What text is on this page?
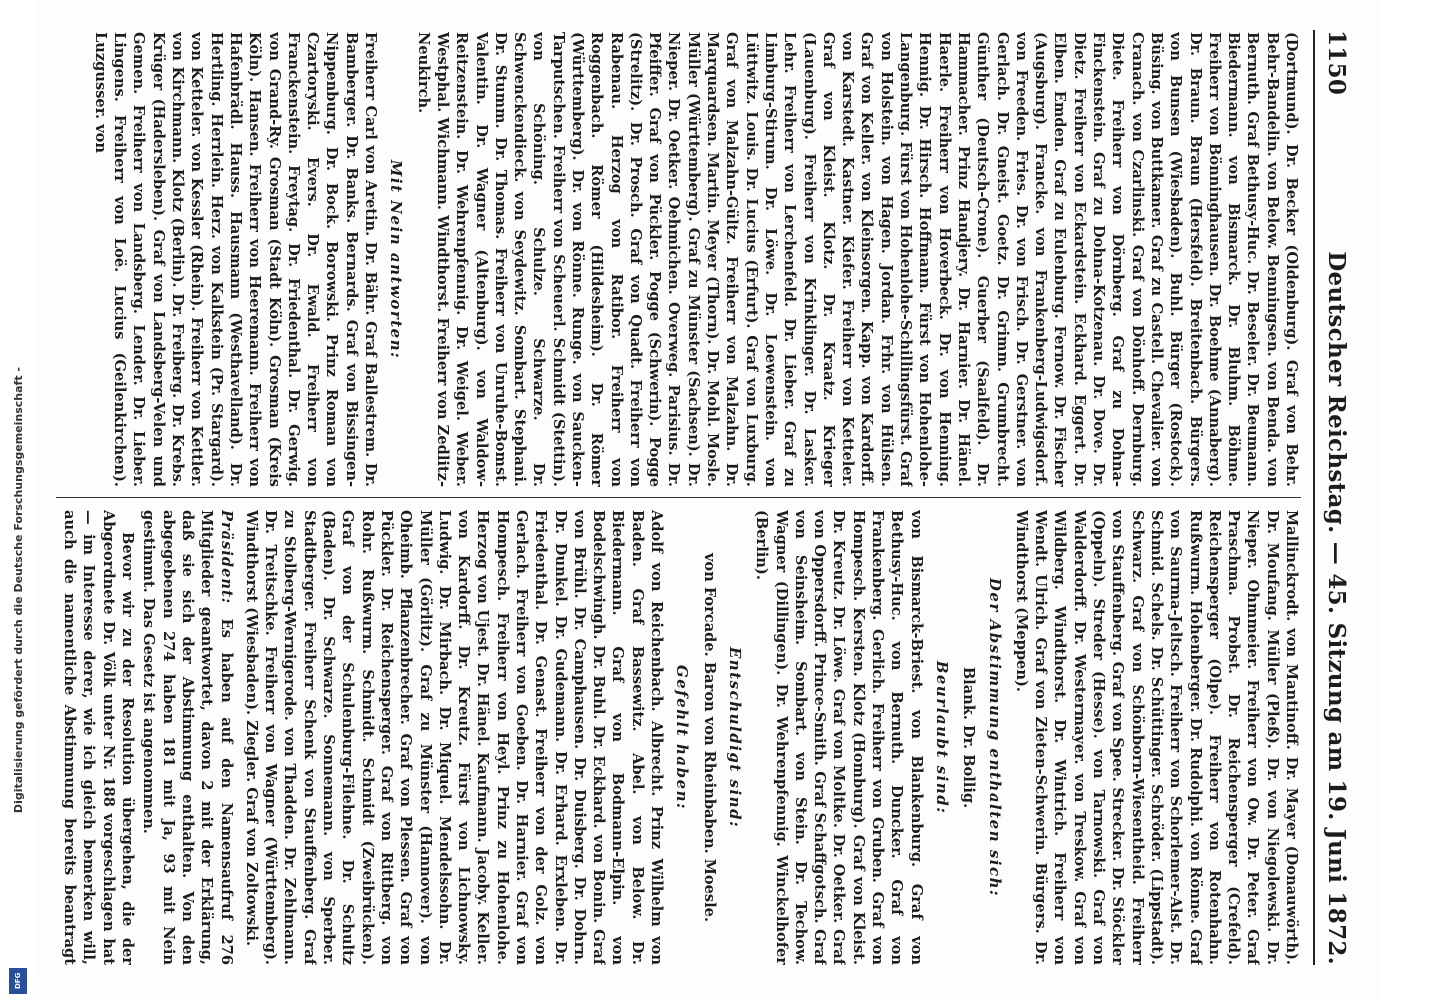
1150
Deutscher Reichstag. — 45. Sitzung am 19. Juni 1872.

(Dortmund). Dr. Becker (Oldenburg). Graf von Behr. Behr-Bandelin. von Below. Benningsen. von Benda. von Bernuth. Graf Bethusy-Huc. Dr. Beseler. Dr. Beumann. Biedermann. von Bismarck. Dr. Bluhm. Böhme. Freiherr von Bönninghausen. Dr. Boehme (Annaberg). Dr. Braun. Braun (Hersfeld). Breitenbach. Bürgers. von Bunsen (Wiesbaden). Buhl. Bürger (Rostock). Büsing. von Buttkamer. Graf zu Castell. Chevalier. von Cranach. von Czarlinski. Graf von Dönhoff. Dernburg. Diete. Freiherr von Dörnberg. Graf zu Dohna-Finckenstein. Graf zu Dohna-Kotzenau. Dr. Dove. Dr. Dietz. Freiherr von Eckardstein. Eckhard. Eggert. Dr. Elben. Emden. Graf zu Eulenburg. Fernow. Dr. Fischer (Augsburg). Francke. von Frankenberg-Ludwigsdorf. von Freeden. Fries. Dr. von Frisch. Dr. Gerstner. von Gerlach. Dr. Gneist. Goetz. Dr. Grimm. Grumbrecht. Günther (Deutsch-Crone). Guerber (Saalfeld). Dr. Hammacher. Prinz Handjery. Dr. Harnier. Dr. Hänel. Haerle. Freiherr von Hoverbeck. Dr. von Henning. Hennig. Dr. Hirsch. Hoffmann. Fürst von Hohenlohe-Langenburg. Fürst von Hohenlohe-Schillingsfürst. Graf von Holstein. von Hagen. Jordan. Frhr. von Hülsen. Graf von Keller. von Kleinsorgen. Kapp. von Kardorff. von Karstedt. Kastner. Kiefer. Freiherr von Ketteler. Graf von Kleist. Klotz. Dr. Kraatz. Krieger (Lauenburg). Freiherr von Krinklinger. Dr. Lasker. Lehr. Freiherr von Lerchenfeld. Dr. Lieber. Graf zu Limburg-Stirum. Dr. Löwe. Dr. Loewenstein. von Lüttwitz. Louis. Dr. Lucius (Erfurt). Graf von Luxburg. Graf von Malzahn-Gültz. Freiherr von Malzahn. Dr. Marquardsen. Martin. Meyer (Thorn). Dr. Mohl. Mosle. Müller (Württemberg). Graf zu Münster (Sachsen). Dr. Nieper. Dr. Oetker. Oehmichen. Overweg. Parisius. Dr. Pfeiffer. Graf von Pückler. Pogge (Schwerin). Pogge (Strelitz). Dr. Prosch. Graf von Quadt. Freiherr von Rabenau. Herzog von Ratibor. Freiherr von Roggenbach. Römer (Hildesheim). Dr. Römer (Württemberg). Dr. von Rönne. Runge. von Saucken-Tarputschen. Freiherr von Scheuerl. Schmidt (Stettin). von Schöning. Schulze. Schwarze. Dr. Schwenckendieck. von Seydewitz. Sombart. Stephani. Dr. Stumm. Dr. Thomas. Freiherr von Unruhe-Bomst. Valentin. Dr. Wagner (Altenburg). von Waldow-Reitzenstein. Dr. Wehrenpfennig. Dr. Weigel. Weber. Westphal. Wichmann. Windthorst. Freiherr von Zedlitz-Neukirch.

Mit Nein antworten:

Freiherr Carl von Aretin. Dr. Bähr. Graf Ballestrem. Dr. Bamberger. Dr. Banks. Bernards. Graf von Bissingen-Nippenburg. Dr. Bock. Borowski. Prinz Roman von Czartoryski. Evers. Dr. Ewald. Freiherr von Franckenstein. Freytag. Dr. Friedenthal. Dr. Gerwig. von Grand-Ry. Grosman (Stadt Köln). Grosman (Kreis Köln). Hansen. Freiherr von Heeremann. Freiherr von Hafenbrädl. Hauss. Hausmann (Westhavelland). Dr. Hertling. Herrlein. Herz. von Kalkstein (Pr. Stargard). von Ketteler. von Kessler (Rhein). Freiherr von Kettler. von Kirchmann. Klotz (Berlin). Dr. Freiberg. Dr. Krebs. Krüger (Hadersleben). Graf von Landsberg-Velen und Gemen. Freiherr von Landsberg. Lender. Dr. Lieber. Lingens. Freiherr von Loë. Lucius (Geilenkirchen). Luzgusser. von

Mallinckrodt. von Mantinoff. Dr. Mayer (Donauwörth). Dr. Moufang. Müller (Pleß). Dr. von Niegolewski. Dr. Nieper. Ohmmeier. Freiherr von Ow. Dr. Peter. Graf Praschma. Probst. Dr. Reichensperger (Crefeld). Reichensperger (Olpe). Freiherr von Rotenhahn. Rußwurm. Hohenberger. Dr. Rudolphi. von Rönne. Graf von Saurma-Jeltsch. Freiherr von Schorlemer-Alst. Dr. Schmid. Schels. Dr. Schüttinger. Schröder. (Lippstadt). Schwarz. Graf von Schönborn-Wiesentheid. Freiherr von Stauffenberg. Graf von Spee. Strecker. Dr. Stöckler (Oppeln). Streder (Hesse). von Tarnowski. Graf von Walderdorff. Dr. Westermayer. von Treskow. Graf von Wildberg. Windthorst. Dr. Wintrich. Freiherr von Wendt. Ulrich. Graf von Zieten-Schwerin. Bürgers. Dr. Windthorst (Meppen).

Der Abstimmung enthalten sich:
Blank. Dr. Bollig.
Beurlaubt sind:

von Bismarck-Briest. von Blankenburg. Graf von Bethusy-Huc. von Bernuth. Duncker. Graf von Frankenberg. Gerlich. Freiherr von Gruben. Graf von Hompesch. Kersten. Klotz (Homburg). Graf von Kleist. Dr. Kreutz. Dr. Löwe. Graf von Moltke. Dr. Oetker. Graf von Oppersdorff. Prince-Smith. Graf Schaffgotsch. Graf von Seinsheim. Sombart. von Stein. Dr. Techow. Wagner (Dillingen). Dr. Wehrenpfennig. Winckelhofer (Berlin).

Entschuldigt sind:
von Forcade. Baron von Rheinbaben. Moesle.
Gefehlt haben:

Adolf von Reichenbach. Albrecht. Prinz Wilhelm von Baden. Graf Bassewitz. Abel. von Below. Dr. Biedermann. Graf von Bodmann-Elpin. von Bodelschwingh. Dr. Buhl. Dr. Eckhard. von Bonin. Graf von Brühl. Dr. Camphausen. Dr. Duisberg. Dr. Dohrn. Dr. Dunkel. Dr. Gudemann. Dr. Erhard. Erxleben. Dr. Friedenthal. Dr. Genast. Freiherr von der Golz. von Gerlach. Freiherr von Goeben. Dr. Harnier. Graf von Hompesch. Freiherr von Heyl. Prinz zu Hohenlohe. Herzog von Ujest. Dr. Hänel. Kaufmann. Jacoby. Keller. von Kardorff. Dr. Kreutz. Fürst von Lichnowsky. Ludwig. Dr. Mirbach. Dr. Miquel. Mendelssohn. Dr. Müller (Görlitz). Graf zu Münster (Hannover). von Oheimb. Pflanzenbrecher. Graf von Plessen. Graf von Pückler. Dr. Reichensperger. Graf von Rittberg. von Rohr. Rußwurm. Schmidt. Schmidt (Zweibrücken). Graf von der Schulenburg-Filehne. Dr. Schultz (Baden). Dr. Schwarze. Sonnemann. von Sperber. Stadtberger. Freiherr Schenk von Stauffenberg. Graf zu Stolberg-Wernigerode. von Thadden. Dr. Zehlmann. Dr. Treitschke. Freiherr von Wagner (Württemberg). Windthorst (Wiesbaden). Ziegler. Graf von Zoltowski.

Präsident: Es haben auf den Namensaufruf 276 Mitglieder geantwortet, davon 2 mit der Erklärung, daß sie sich der Abstimmung enthalten. Von den abgegebenen 274 haben 181 mit Ja, 93 mit Nein gestimmt. Das Gesetz ist angenommen.

Bevor wir zu der Resolution übergehen, die der Abgeordnete Dr. Völk unter Nr. 188 vorgeschlagen hat — im Interesse derer, wie ich gleich bemerken will, auch die namentliche Abstimmung bereits beantragt

Digitalisierung gefördert durch die Deutsche Forschungsgemeinschaft -
DFG
